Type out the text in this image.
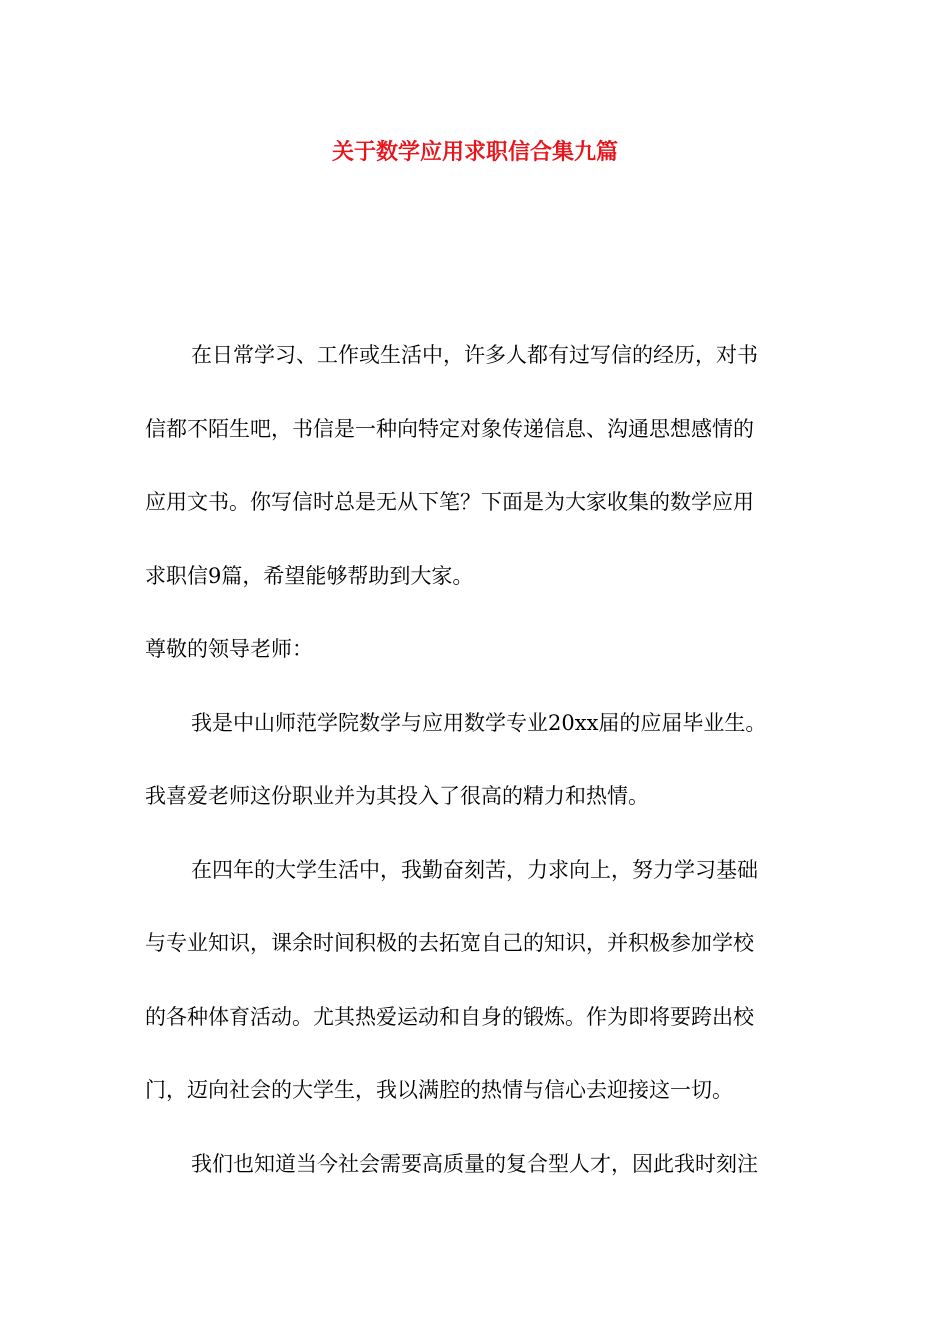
关于数学应用求职信合集九篇

在日常学习、工作或生活中，许多人都有过写信的经历，对书
信都不陌生吧，书信是一种向特定对象传递信息、沟通思想感情的
应用文书。你写信时总是无从下笔？下面是为大家收集的数学应用
求职信9篇，希望能够帮助到大家。

尊敬的领导老师：

我是中山师范学院数学与应用数学专业20xx届的应届毕业生。
我喜爱老师这份职业并为其投入了很高的精力和热情。

在四年的大学生活中，我勤奋刻苦，力求向上，努力学习基础
与专业知识，课余时间积极的去拓宽自己的知识，并积极参加学校
的各种体育活动。尤其热爱运动和自身的锻炼。作为即将要跨出校
门，迈向社会的大学生，我以满腔的热情与信心去迎接这一切。

我们也知道当今社会需要高质量的复合型人才，因此我时刻注
